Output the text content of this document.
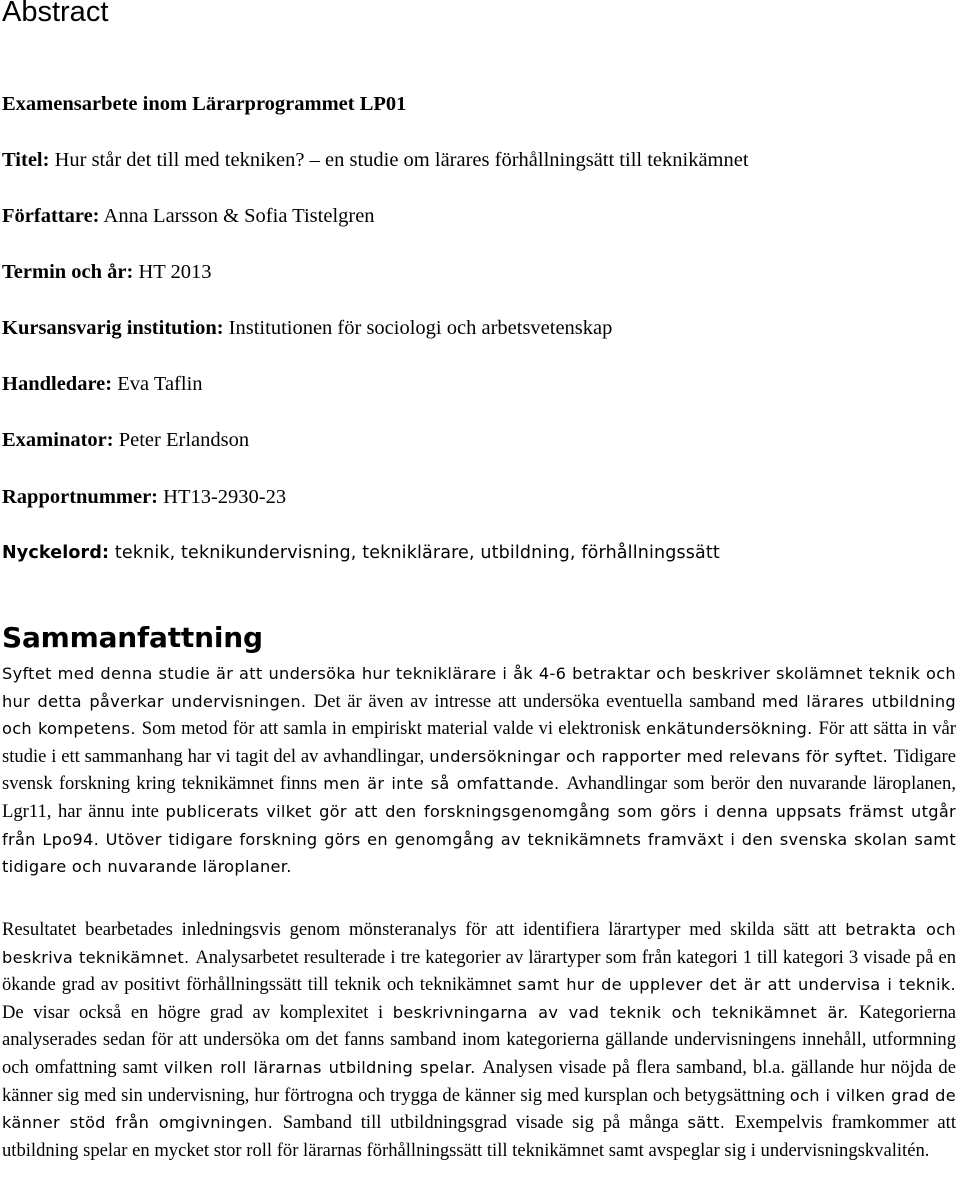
Abstract

Examensarbete inom Lärarprogrammet LP01

Titel: Hur står det till med tekniken? – en studie om lärares förhållningsätt till teknikämnet

Författare: Anna Larsson & Sofia Tistelgren

Termin och år: HT 2013

Kursansvarig institution: Institutionen för sociologi och arbetsvetenskap

Handledare: Eva Taflin

Examinator: Peter Erlandson

Rapportnummer: HT13-2930-23

Nyckelord: teknik, teknikundervisning, tekniklärare, utbildning, förhållningssätt

Sammanfattning

Syftet med denna studie är att undersöka hur tekniklärare i åk 4-6 betraktar och beskriver skolämnet teknik och hur detta påverkar undervisningen. Det är även av intresse att undersöka eventuella samband med lärares utbildning och kompetens. Som metod för att samla in empiriskt material valde vi elektronisk enkätundersökning. För att sätta in vår studie i ett sammanhang har vi tagit del av avhandlingar, undersökningar och rapporter med relevans för syftet. Tidigare svensk forskning kring teknikämnet finns men är inte så omfattande. Avhandlingar som berör den nuvarande läroplanen, Lgr11, har ännu inte publicerats vilket gör att den forskningsgenomgång som görs i denna uppsats främst utgår från Lpo94. Utöver tidigare forskning görs en genomgång av teknikämnets framväxt i den svenska skolan samt tidigare och nuvarande läroplaner.

Resultatet bearbetades inledningsvis genom mönsteranalys för att identifiera lärartyper med skilda sätt att betrakta och beskriva teknikämnet. Analysarbetet resulterade i tre kategorier av lärartyper som från kategori 1 till kategori 3 visade på en ökande grad av positivt förhållningssätt till teknik och teknikämnet samt hur de upplever det är att undervisa i teknik. De visar också en högre grad av komplexitet i beskrivningarna av vad teknik och teknikämnet är. Kategorierna analyserades sedan för att undersöka om det fanns samband inom kategorierna gällande undervisningens innehåll, utformning och omfattning samt vilken roll lärarnas utbildning spelar. Analysen visade på flera samband, bl.a. gällande hur nöjda de känner sig med sin undervisning, hur förtrogna och trygga de känner sig med kursplan och betygsättning och i vilken grad de känner stöd från omgivningen. Samband till utbildningsgrad visade sig på många sätt. Exempelvis framkommer att utbildning spelar en mycket stor roll för lärarnas förhållningssätt till teknikämnet samt avspeglar sig i undervisningskvalitén.
